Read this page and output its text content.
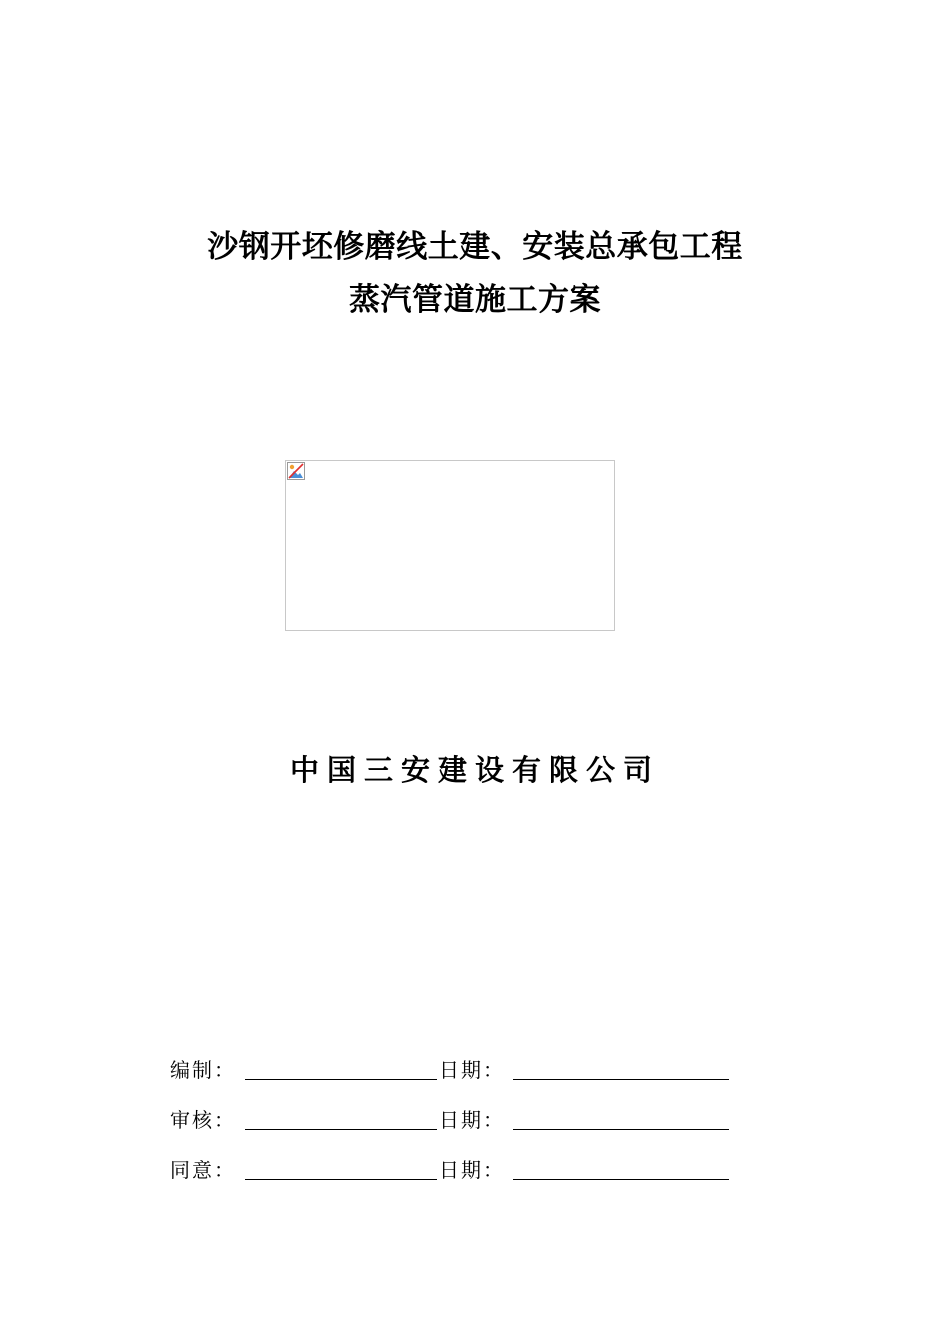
沙钢开坯修磨线土建、安装总承包工程
蒸汽管道施工方案
中国三安建设有限公司
编制：	日期：
审核：	日期：
同意：	日期：
